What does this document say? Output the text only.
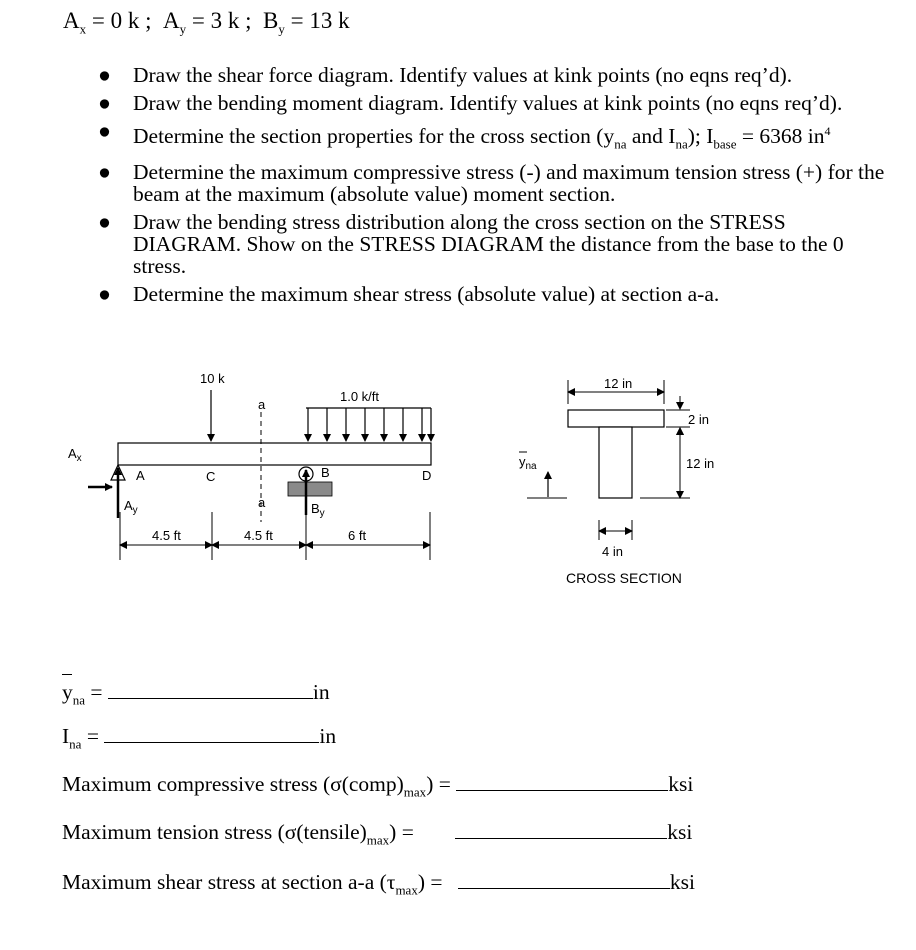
$A_x = 0$ k ; $A_y = 3$ k ; $B_y = 13$ k
● Draw the shear force diagram. Identify values at kink points (no eqns req’d).
● Draw the bending moment diagram. Identify values at kink points (no eqns req’d).
● Determine the section properties for the cross section ($y_{na}$ and $I_{na}$); $I_{base} = 6368$ $in^4$
● Determine the maximum compressive stress (-) and maximum tension stress (+) for the beam at the maximum (absolute value) moment section.
● Draw the bending stress distribution along the cross section on the STRESS DIAGRAM. Show on the STRESS DIAGRAM the distance from the base to the 0 stress.
● Determine the maximum shear stress (absolute value) at section a-a.
10 k
1.0 k/ft
a
a
$A_x$
A
$A_y$
C	B
$B_y$
D
4.5 ft	4.5 ft	6 ft
12 in
2 in
12 in
4 in
$y_{na}$
CROSS SECTION
$y_{na}$ =	in
$I_{na}$ =	in
Maximum compressive stress $(\sigma(comp)_{max})$ =	ksi
Maximum tension stress $(\sigma(tensile)_{max})$ =	ksi
Maximum shear stress at section a-a $(\tau_{max})$ =	ksi
